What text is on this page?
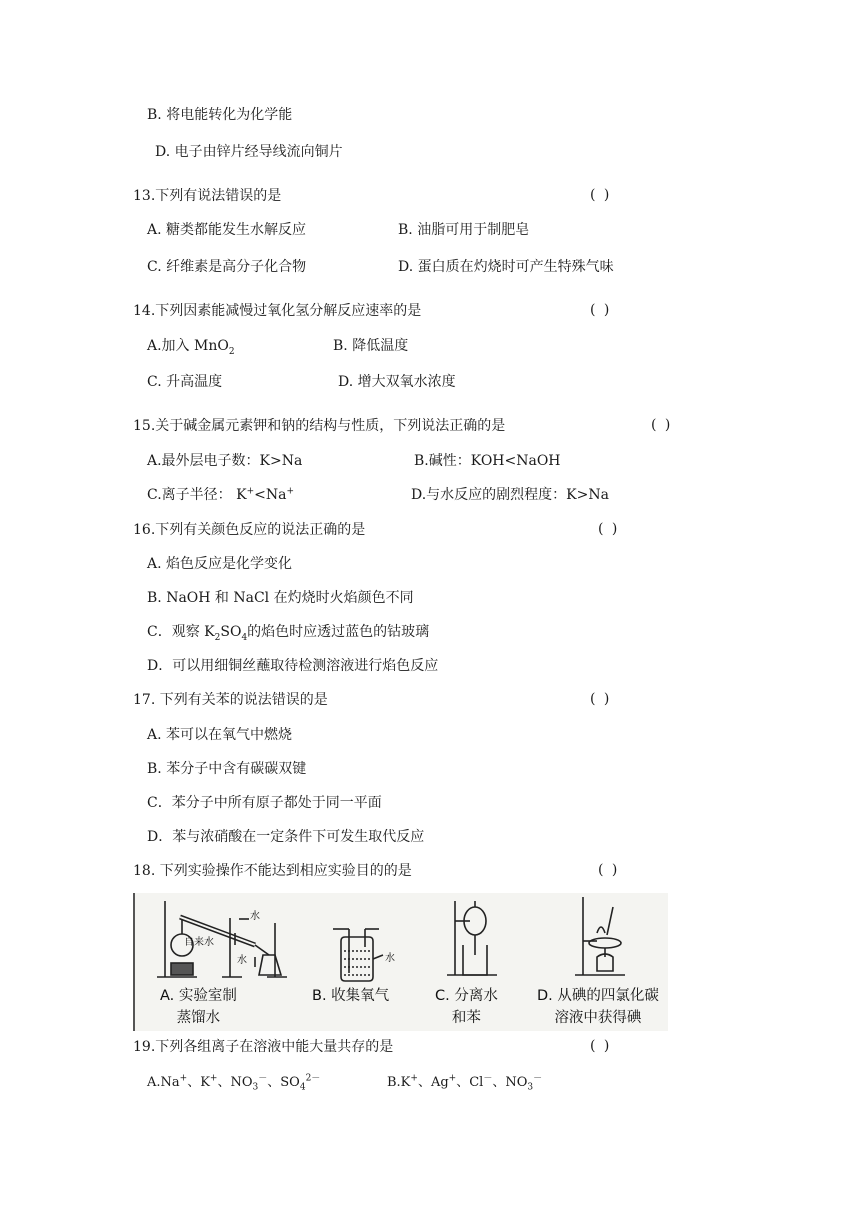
B. 将电能转化为化学能
D. 电子由锌片经导线流向铜片
13.下列有说法错误的是	( )
A. 糖类都能发生水解反应	B. 油脂可用于制肥皂
C. 纤维素是高分子化合物	D. 蛋白质在灼烧时可产生特殊气味
14.下列因素能减慢过氧化氢分解反应速率的是	( )
A.加入 MnO$_2$	B. 降低温度
C. 升高温度	D. 增大双氧水浓度
15.关于碱金属元素钾和钠的结构与性质，下列说法正确的是	( )
A.最外层电子数：K>Na	B.碱性：KOH<NaOH
C.离子半径： K+<Na+	D.与水反应的剧烈程度：K>Na
16.下列有关颜色反应的说法正确的是	( )
A. 焰色反应是化学变化
B. NaOH 和 NaCl 在灼烧时火焰颜色不同
C．观察 $K_2SO_4$的焰色时应透过蓝色的钴玻璃
D．可以用细铜丝蘸取待检测溶液进行焰色反应
17. 下列有关苯的说法错误的是	( )
A. 苯可以在氧气中燃烧
B. 苯分子中含有碳碳双键
C．苯分子中所有原子都处于同一平面
D．苯与浓硝酸在一定条件下可发生取代反应
18. 下列实验操作不能达到相应实验目的的是	( )
水
自来水
水	水
A. 实验室制
蒸馏水
B. 收集氧气	C. 分离水
和苯
D. 从碘的四氯化碳
溶液中获得碘
19.下列各组离子在溶液中能大量共存的是	( )
A.Na+、K+、$NO_3^-$、$SO_4^{2-}$	B.K+、Ag+、Cl－、$NO_3^-$
